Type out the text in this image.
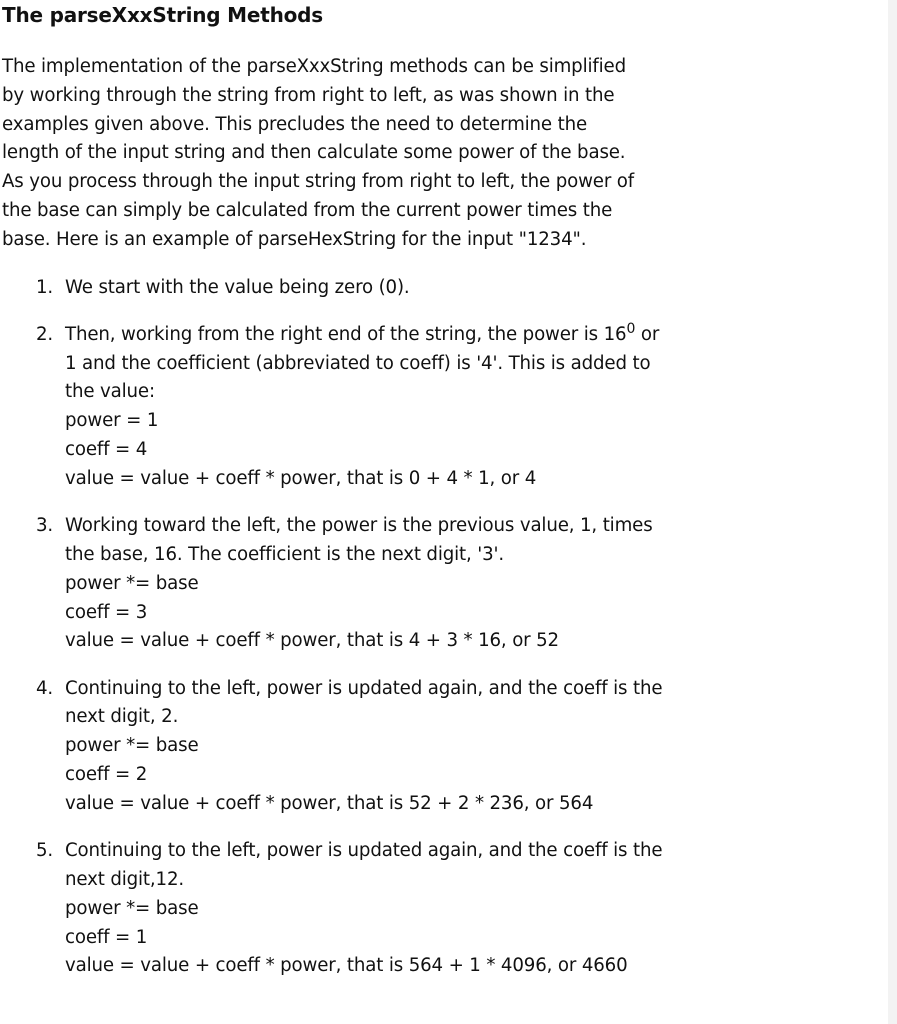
The parseXxxString Methods

The implementation of the parseXxxString methods can be simplified by working through the string from right to left, as was shown in the examples given above. This precludes the need to determine the length of the input string and then calculate some power of the base. As you process through the input string from right to left, the power of the base can simply be calculated from the current power times the base. Here is an example of parseHexString for the input "1234".

1. We start with the value being zero (0).
2. Then, working from the right end of the string, the power is $16^0$ or 1 and the coefficient (abbreviated to coeff) is '4'. This is added to the value:
power = 1
coeff = 4
value = value + coeff * power, that is 0 + 4 * 1, or 4
3. Working toward the left, the power is the previous value, 1, times the base, 16. The coefficient is the next digit, '3'.
power *= base
coeff = 3
value = value + coeff * power, that is 4 + 3 * 16, or 52
4. Continuing to the left, power is updated again, and the coeff is the next digit, 2.
power *= base
coeff = 2
value = value + coeff * power, that is 52 + 2 * 236, or 564
5. Continuing to the left, power is updated again, and the coeff is the next digit,12.
power *= base
coeff = 1
value = value + coeff * power, that is 564 + 1 * 4096, or 4660
